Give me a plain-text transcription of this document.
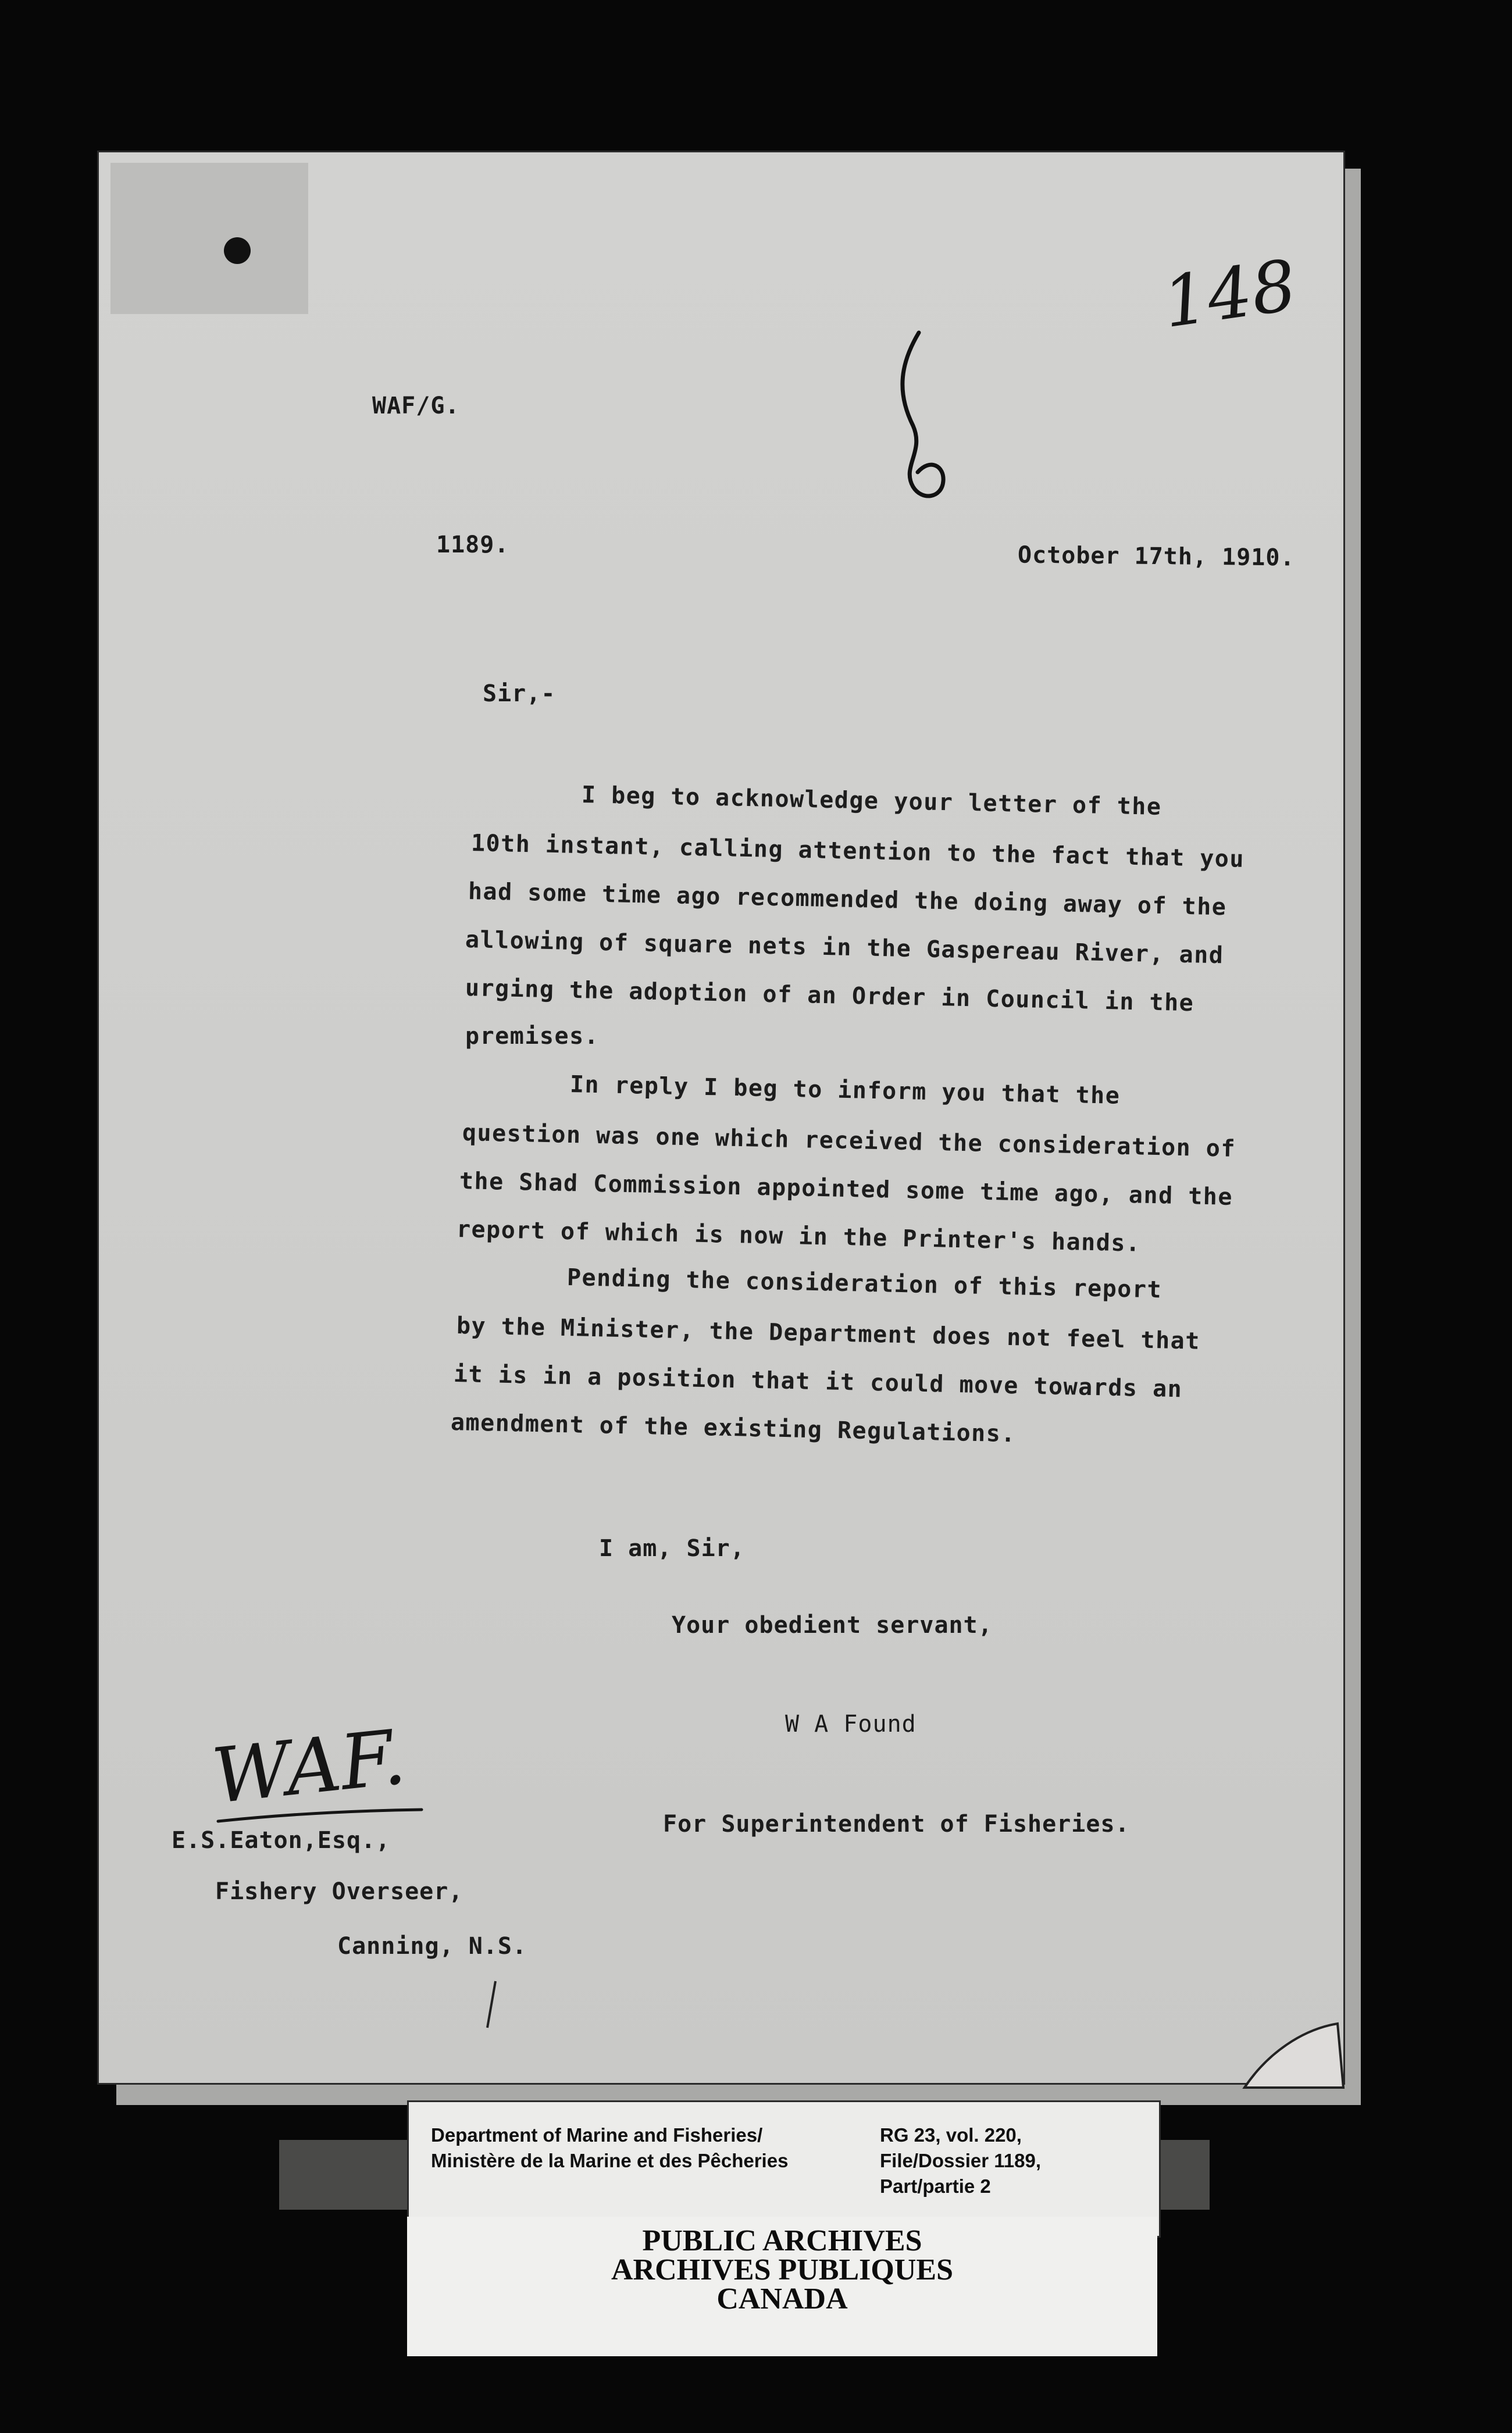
148
WAF/G.
1189.	October 17th, 1910.
Sir,-
I beg to acknowledge your letter of the
10th instant, calling attention to the fact that you
had some time ago recommended the doing away of the
allowing of square nets in the Gaspereau River, and
urging the adoption of an Order in Council in the
premises.
In reply I beg to inform you that the
question was one which received the consideration of
the Shad Commission appointed some time ago, and the
report of which is now in the Printer's hands.
Pending the consideration of this report
by the Minister, the Department does not feel that
it is in a position that it could move towards an
amendment of the existing Regulations.
I am, Sir,
Your obedient servant,
W A Found
For Superintendent of Fisheries.
WAF.
E.S.Eaton,Esq.,
Fishery Overseer,
Canning, N.S.
Department of Marine and Fisheries/
Ministère de la Marine et des Pêcheries
RG 23, vol. 220,
File/Dossier 1189,
Part/partie 2
PUBLIC ARCHIVES
ARCHIVES PUBLIQUES
CANADA
